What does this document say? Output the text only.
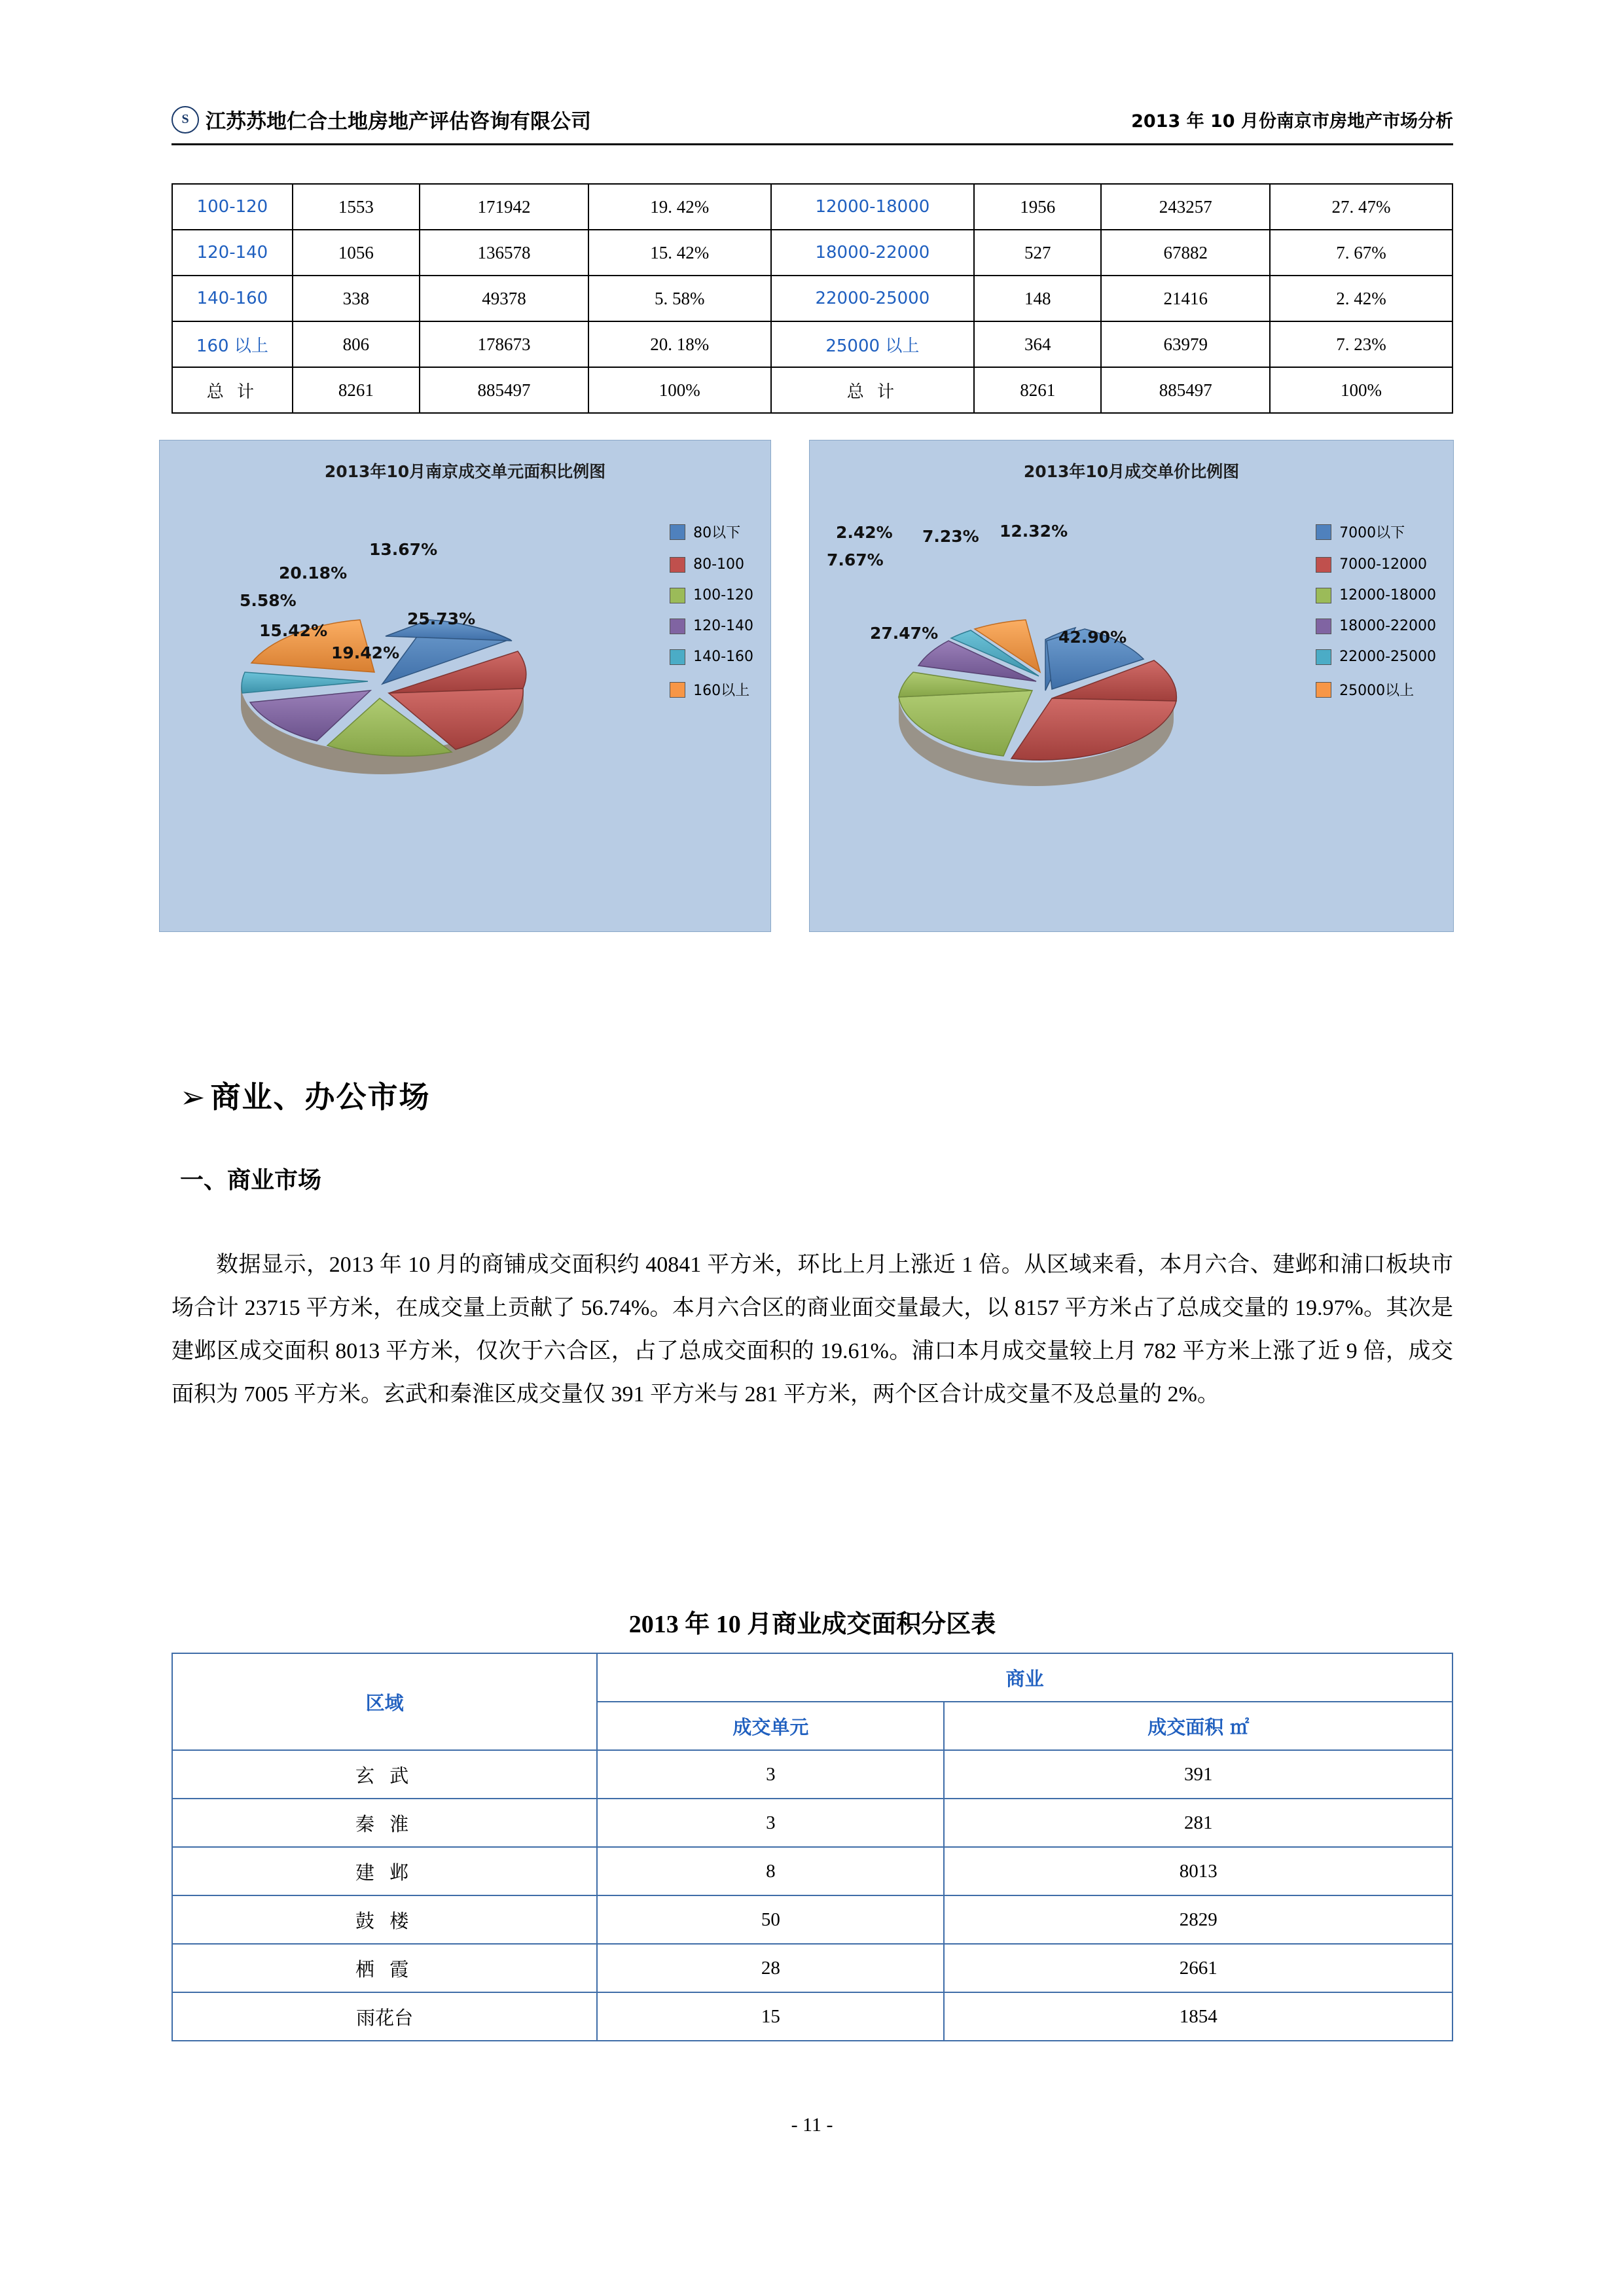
S 江苏苏地仁合土地房地产评估咨询有限公司	2013 年 10 月份南京市房地产市场分析
100-120	1553	171942	19. 42%	12000-18000	1956	243257	27. 47%
120-140	1056	136578	15. 42%	18000-22000	527	67882	7. 67%
140-160	338	49378	5. 58%	22000-25000	148	21416	2. 42%
160 以上	806	178673	20. 18%	25000 以上	364	63979	7. 23%
总 计	8261	885497	100%	总 计	8261	885497	100%
2013年10月南京成交单元面积比例图
13.67%
25.73%
19.42%
15.42%
5.58%
20.18%
80以下
80-100
100-120
120-140
140-160
160以上
2013年10月成交单价比例图
2.42% 7.23% 12.32%
7.67%
27.47%	42.90%
7000以下
7000-12000
12000-18000
18000-22000
22000-25000
25000以上
➢ 商业、办公市场
一、商业市场
数据显示，2013 年 10 月的商铺成交面积约 40841 平方米，环比上月上涨近 1 倍。从区域来看，本月六合、建邺和浦口板块市场合计 23715 平方米，在成交量上贡献了 56.74%。本月六合区的商业面交量最大，以 8157 平方米占了总成交量的 19.97%。其次是建邺区成交面积 8013 平方米，仅次于六合区，占了总成交面积的 19.61%。浦口本月成交量较上月 782 平方米上涨了近 9 倍，成交面积为 7005 平方米。玄武和秦淮区成交量仅 391 平方米与 281 平方米，两个区合计成交量不及总量的 2%。
2013 年 10 月商业成交面积分区表
区域	商业	
	成交单元	成交面积 ㎡
玄 武	3	391
秦 淮	3	281
建 邺	8	8013
鼓 楼	50	2829
栖 霞	28	2661
雨花台	15	1854
- 11 -
